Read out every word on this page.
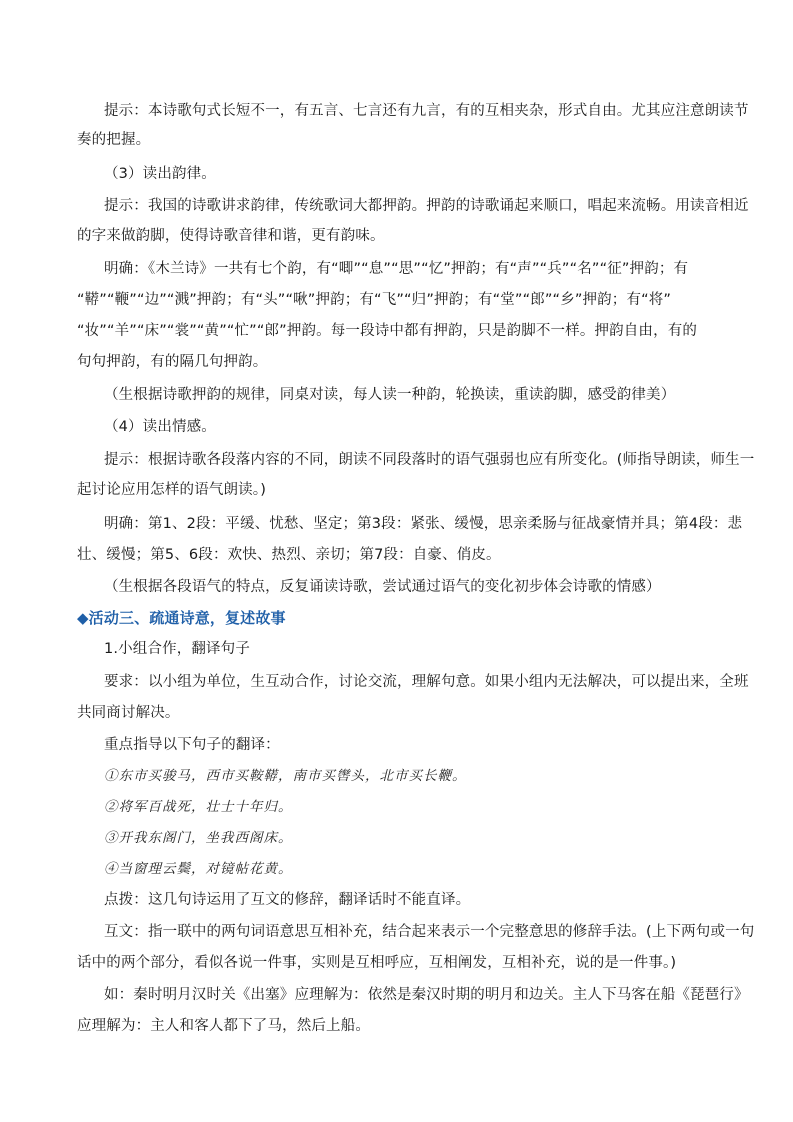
提示：本诗歌句式长短不一，有五言、七言还有九言，有的互相夹杂，形式自由。尤其应注意朗读节
奏的把握。
（3）读出韵律。
提示：我国的诗歌讲求韵律，传统歌词大都押韵。押韵的诗歌诵起来顺口，唱起来流畅。用读音相近
的字来做韵脚，使得诗歌音律和谐，更有韵味。
明确：《木兰诗》一共有七个韵，有“唧”“息”“思”“忆”押韵；有“声”“兵”“名”“征”押韵；有
“鞯”“鞭”“边”“溅”押韵；有“头”“啾”押韵；有“飞”“归”押韵；有“堂”“郎”“乡”押韵；有“将”
“妆”“羊”“床”“裳”“黄”“忙”“郎”押韵。每一段诗中都有押韵，只是韵脚不一样。押韵自由，有的
句句押韵，有的隔几句押韵。
（生根据诗歌押韵的规律，同桌对读，每人读一种韵，轮换读，重读韵脚，感受韵律美）
（4）读出情感。
提示：根据诗歌各段落内容的不同，朗读不同段落时的语气强弱也应有所变化。(师指导朗读，师生一
起讨论应用怎样的语气朗读。)
明确：第1、2段：平缓、忧愁、坚定；第3段：紧张、缓慢，思亲柔肠与征战豪情并具；第4段：悲
壮、缓慢；第5、6段：欢快、热烈、亲切；第7段：自豪、俏皮。
（生根据各段语气的特点，反复诵读诗歌，尝试通过语气的变化初步体会诗歌的情感）
◆活动三、疏通诗意，复述故事
1.小组合作，翻译句子
要求：以小组为单位，生互动合作，讨论交流，理解句意。如果小组内无法解决，可以提出来，全班
共同商讨解决。
重点指导以下句子的翻译：
①东市买骏马，西市买鞍鞯，南市买辔头，北市买长鞭。
②将军百战死，壮士十年归。
③开我东阁门，坐我西阁床。
④当窗理云鬓，对镜帖花黄。
点拨：这几句诗运用了互文的修辞，翻译话时不能直译。
互文：指一联中的两句词语意思互相补充，结合起来表示一个完整意思的修辞手法。(上下两句或一句
话中的两个部分，看似各说一件事，实则是互相呼应，互相阐发，互相补充，说的是一件事。)
如：秦时明月汉时关《出塞》应理解为：依然是秦汉时期的明月和边关。主人下马客在船《琵琶行》
应理解为：主人和客人都下了马，然后上船。
